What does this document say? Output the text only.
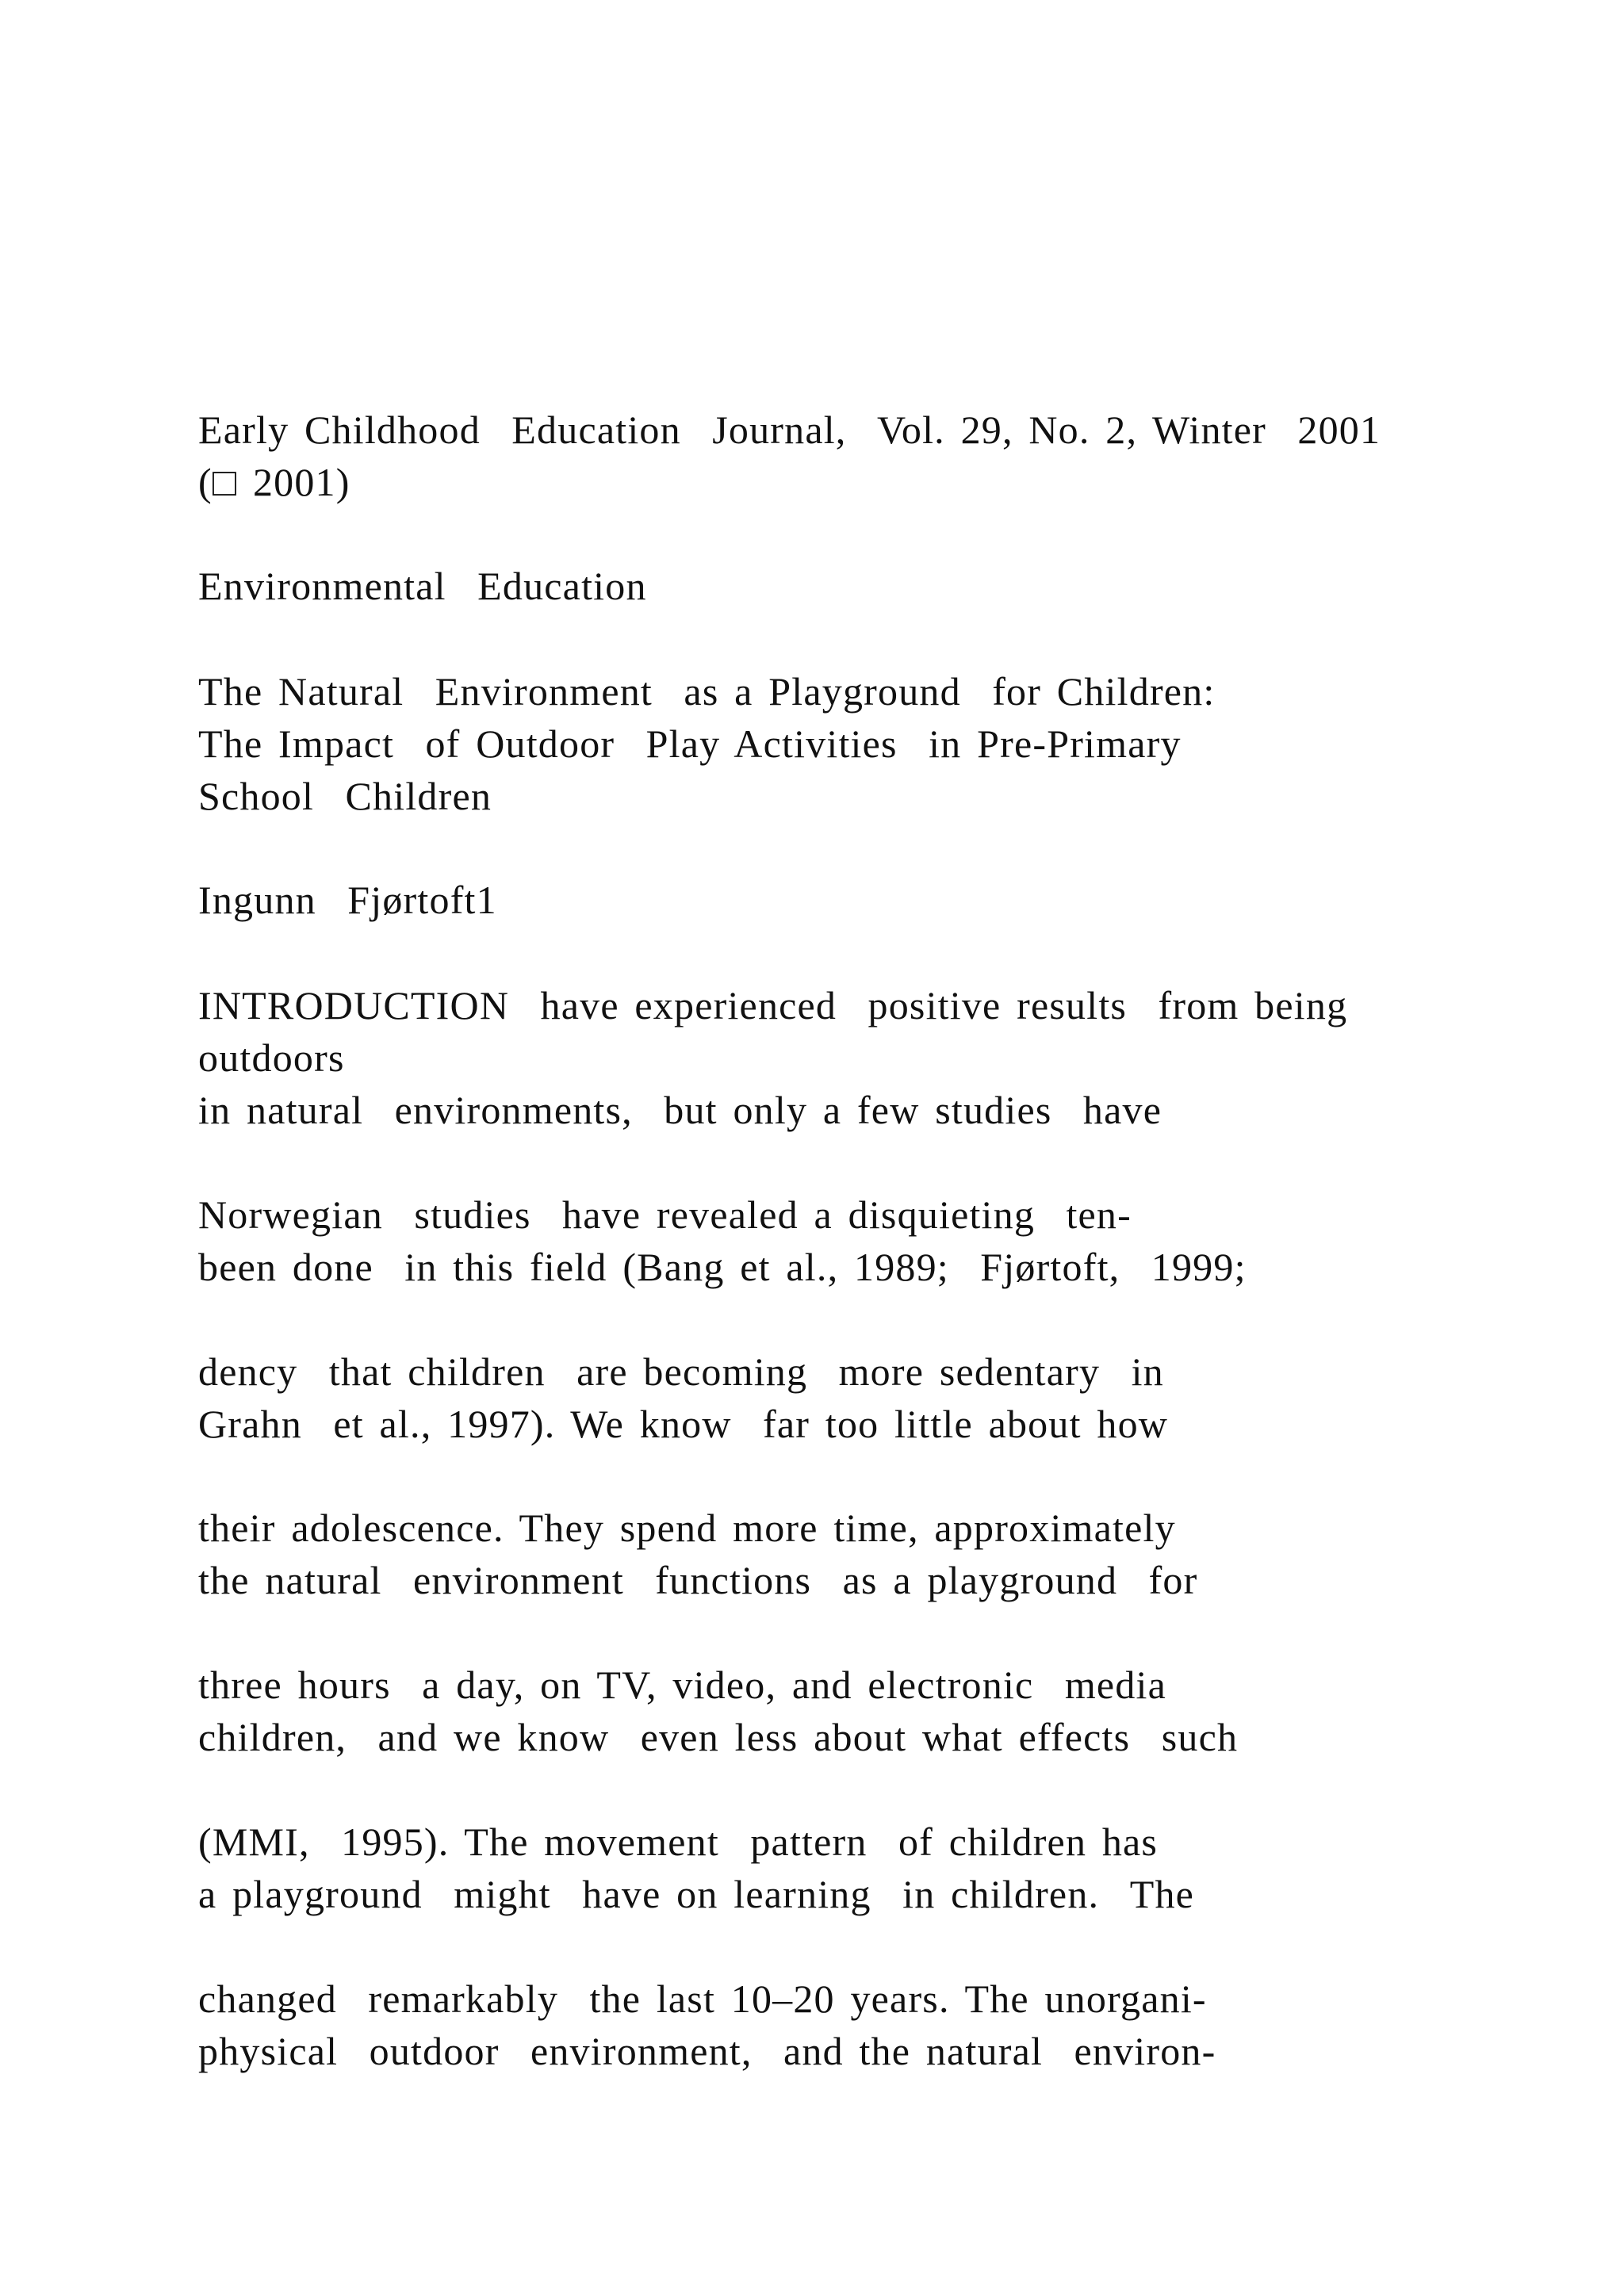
Early Childhood  Education  Journal,  Vol. 29, No. 2, Winter  2001

(□ 2001)

Environmental  Education

The Natural  Environment  as a Playground  for Children:

The Impact  of Outdoor  Play Activities  in Pre-Primary

School  Children

Ingunn  Fjørtoft1

INTRODUCTION  have experienced  positive results  from being

outdoors

in natural  environments,  but only a few studies  have

Norwegian  studies  have revealed a disquieting  ten-

been done  in this field (Bang et al., 1989;  Fjørtoft,  1999;

dency  that children  are becoming  more sedentary  in

Grahn  et al., 1997). We know  far too little about how

their adolescence. They spend more time, approximately

the natural  environment  functions  as a playground  for

three hours  a day, on TV, video, and electronic  media

children,  and we know  even less about what effects  such

(MMI,  1995). The movement  pattern  of children has

a playground  might  have on learning  in children.  The

changed  remarkably  the last 10–20 years. The unorgani-

physical  outdoor  environment,  and the natural  environ-
